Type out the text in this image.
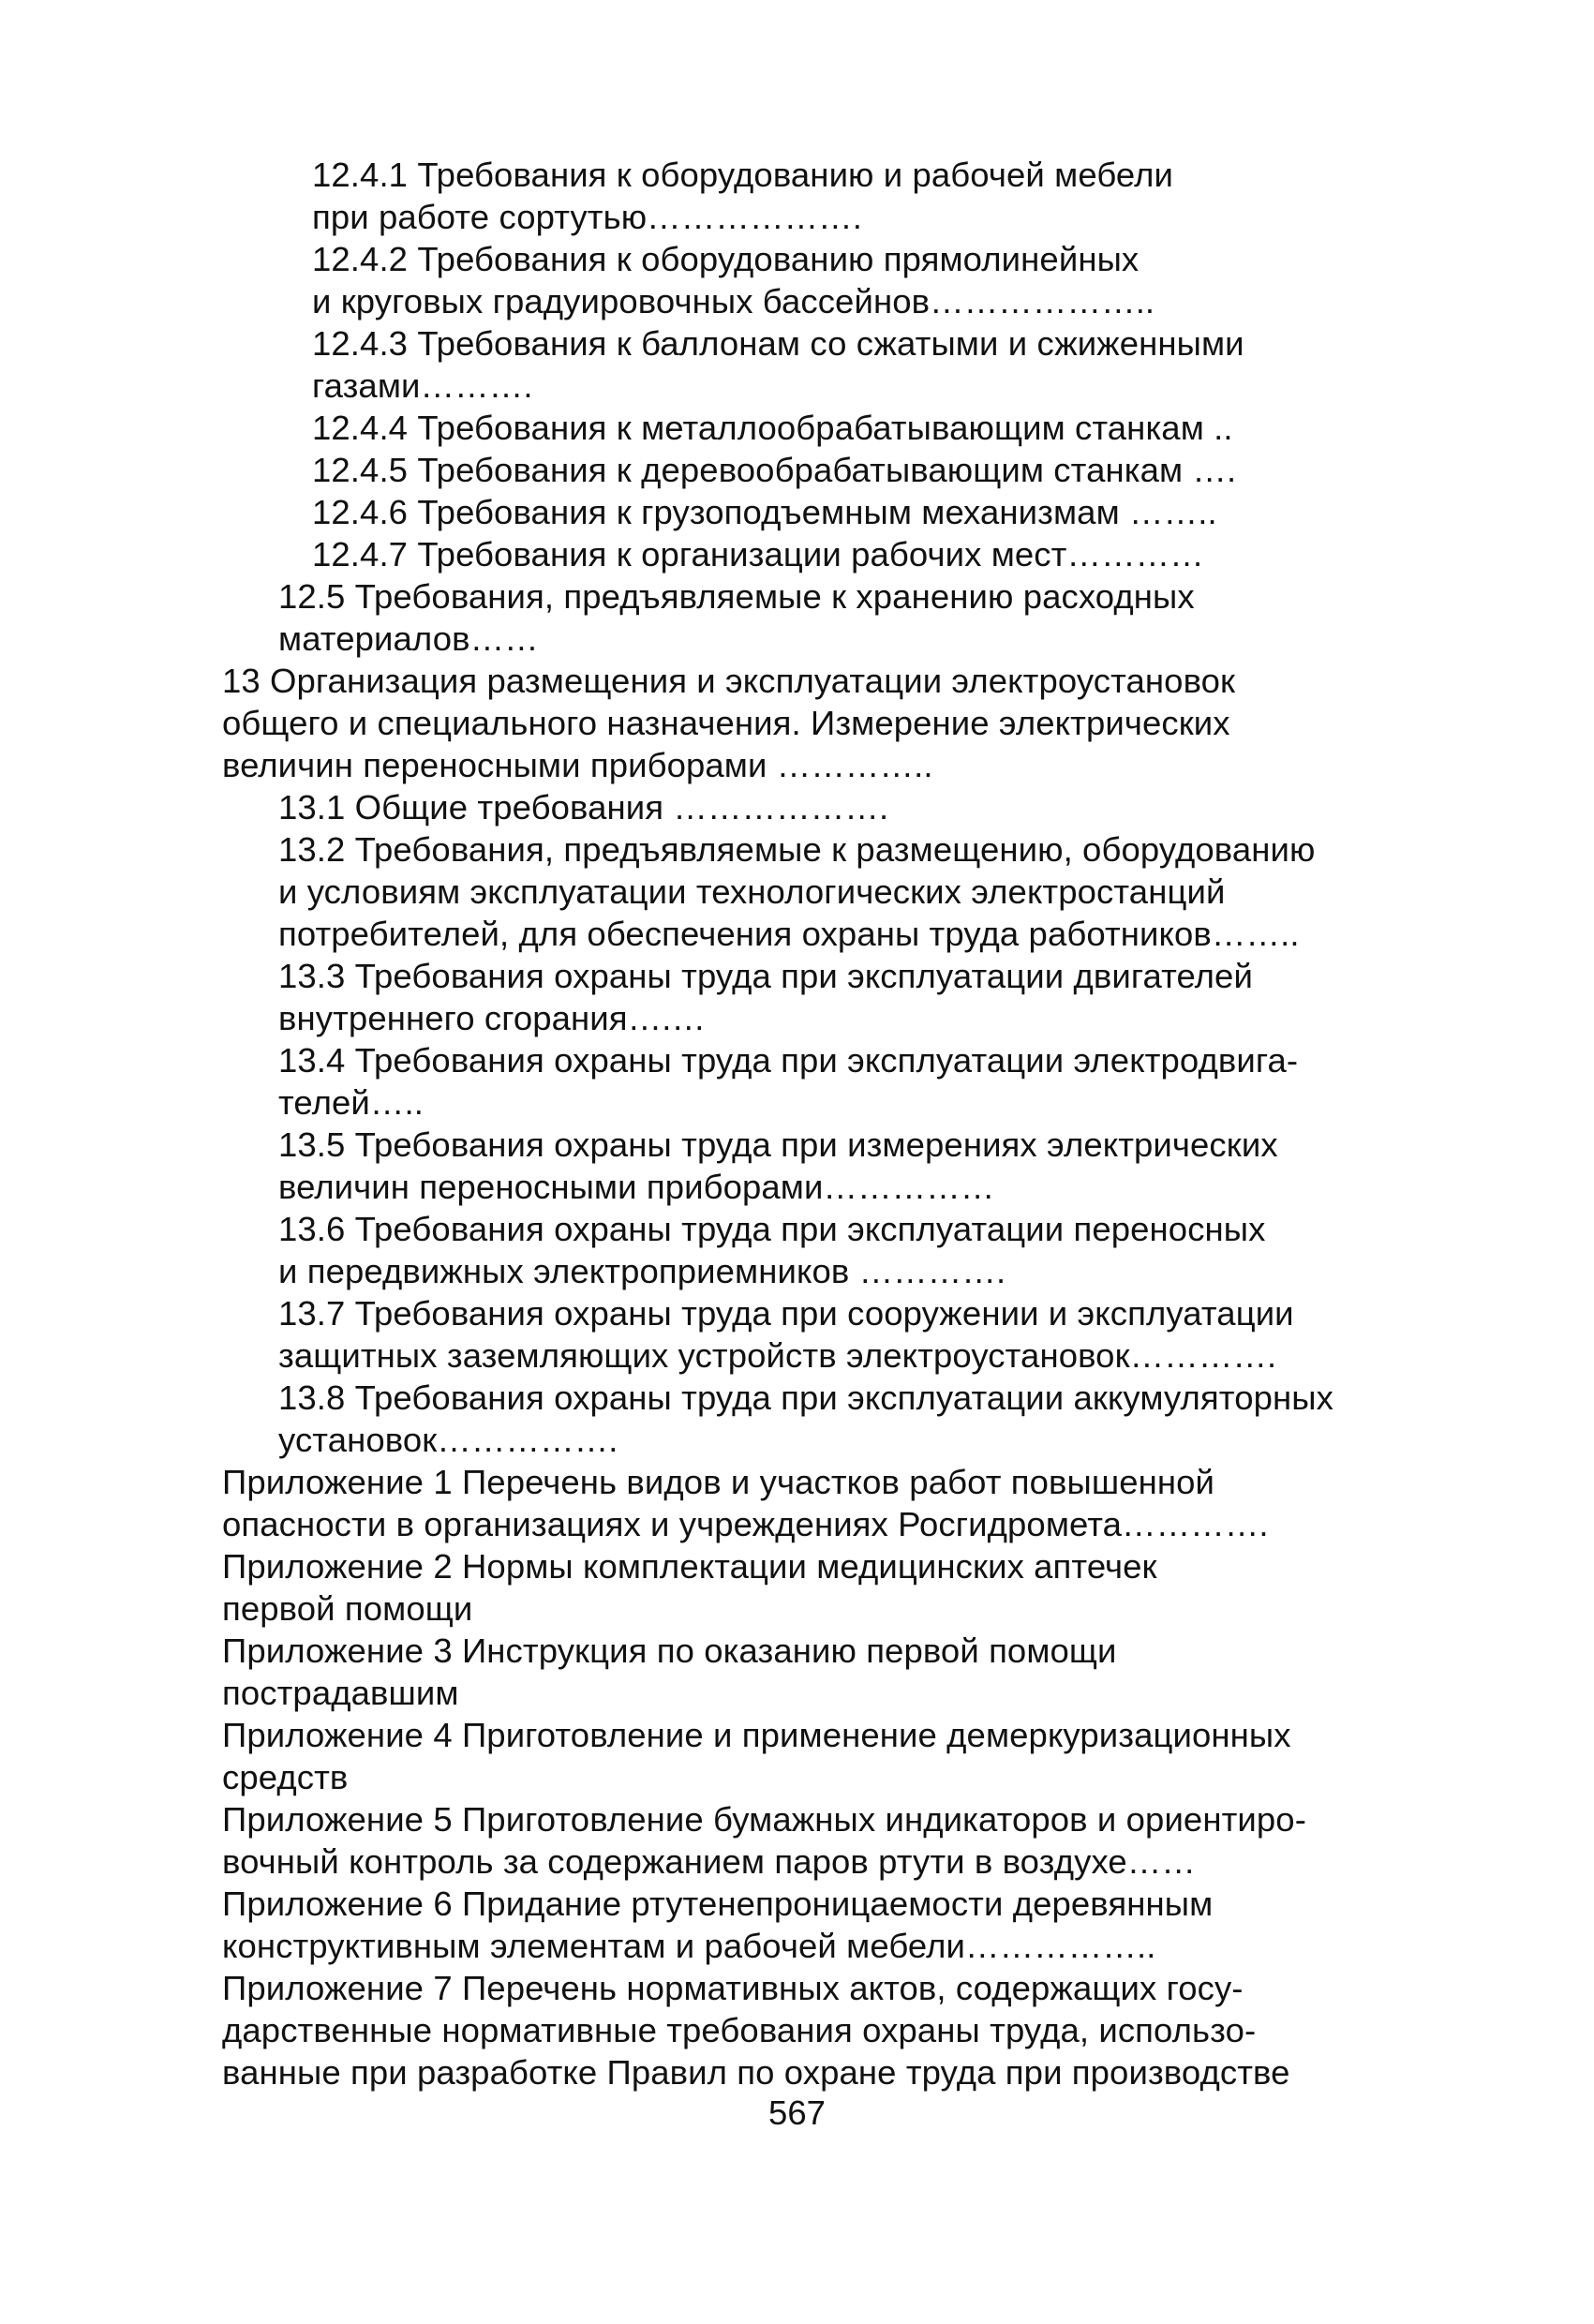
12.4.1 Требования к оборудованию и рабочей мебели
при работе сортутью……………….
12.4.2 Требования к оборудованию прямолинейных
и круговых градуировочных бассейнов………………..
12.4.3 Требования к баллонам со сжатыми и сжиженными
газами……….
12.4.4 Требования к металлообрабатывающим станкам ..
12.4.5 Требования к деревообрабатывающим станкам ….
12.4.6 Требования к грузоподъемным механизмам ……..
12.4.7 Требования к организации рабочих мест…………
12.5 Требования, предъявляемые к хранению расходных
материалов……
13 Организация размещения и эксплуатации электроустановок
общего и специального назначения. Измерение электрических
величин переносными приборами …………..
13.1 Общие требования ……………….
13.2 Требования, предъявляемые к размещению, оборудованию
и условиям эксплуатации технологических электростанций
потребителей, для обеспечения охраны труда работников……..
13.3 Требования охраны труда при эксплуатации двигателей
внутреннего сгорания….…
13.4 Требования охраны труда при эксплуатации электродвига-
телей…..
13.5 Требования охраны труда при измерениях электрических
величин переносными приборами……………
13.6 Требования охраны труда при эксплуатации переносных
и передвижных электроприемников ………….
13.7 Требования охраны труда при сооружении и эксплуатации
защитных заземляющих устройств электроустановок………….
13.8 Требования охраны труда при эксплуатации аккумуляторных
установок…………….
Приложение 1 Перечень видов и участков работ повышенной
опасности в организациях и учреждениях Росгидромета………….
Приложение 2 Нормы комплектации медицинских аптечек
первой помощи
Приложение 3 Инструкция по оказанию первой помощи
пострадавшим
Приложение 4 Приготовление и применение демеркуризационных
средств
Приложение 5 Приготовление бумажных индикаторов и ориентиро-
вочный контроль за содержанием паров ртути в воздухе……
Приложение 6 Придание ртутенепроницаемости деревянным
конструктивным элементам и рабочей мебели……………..
Приложение 7 Перечень нормативных актов, содержащих госу-
дарственные нормативные требования охраны труда, использо-
ванные при разработке Правил по охране труда при производстве
567
